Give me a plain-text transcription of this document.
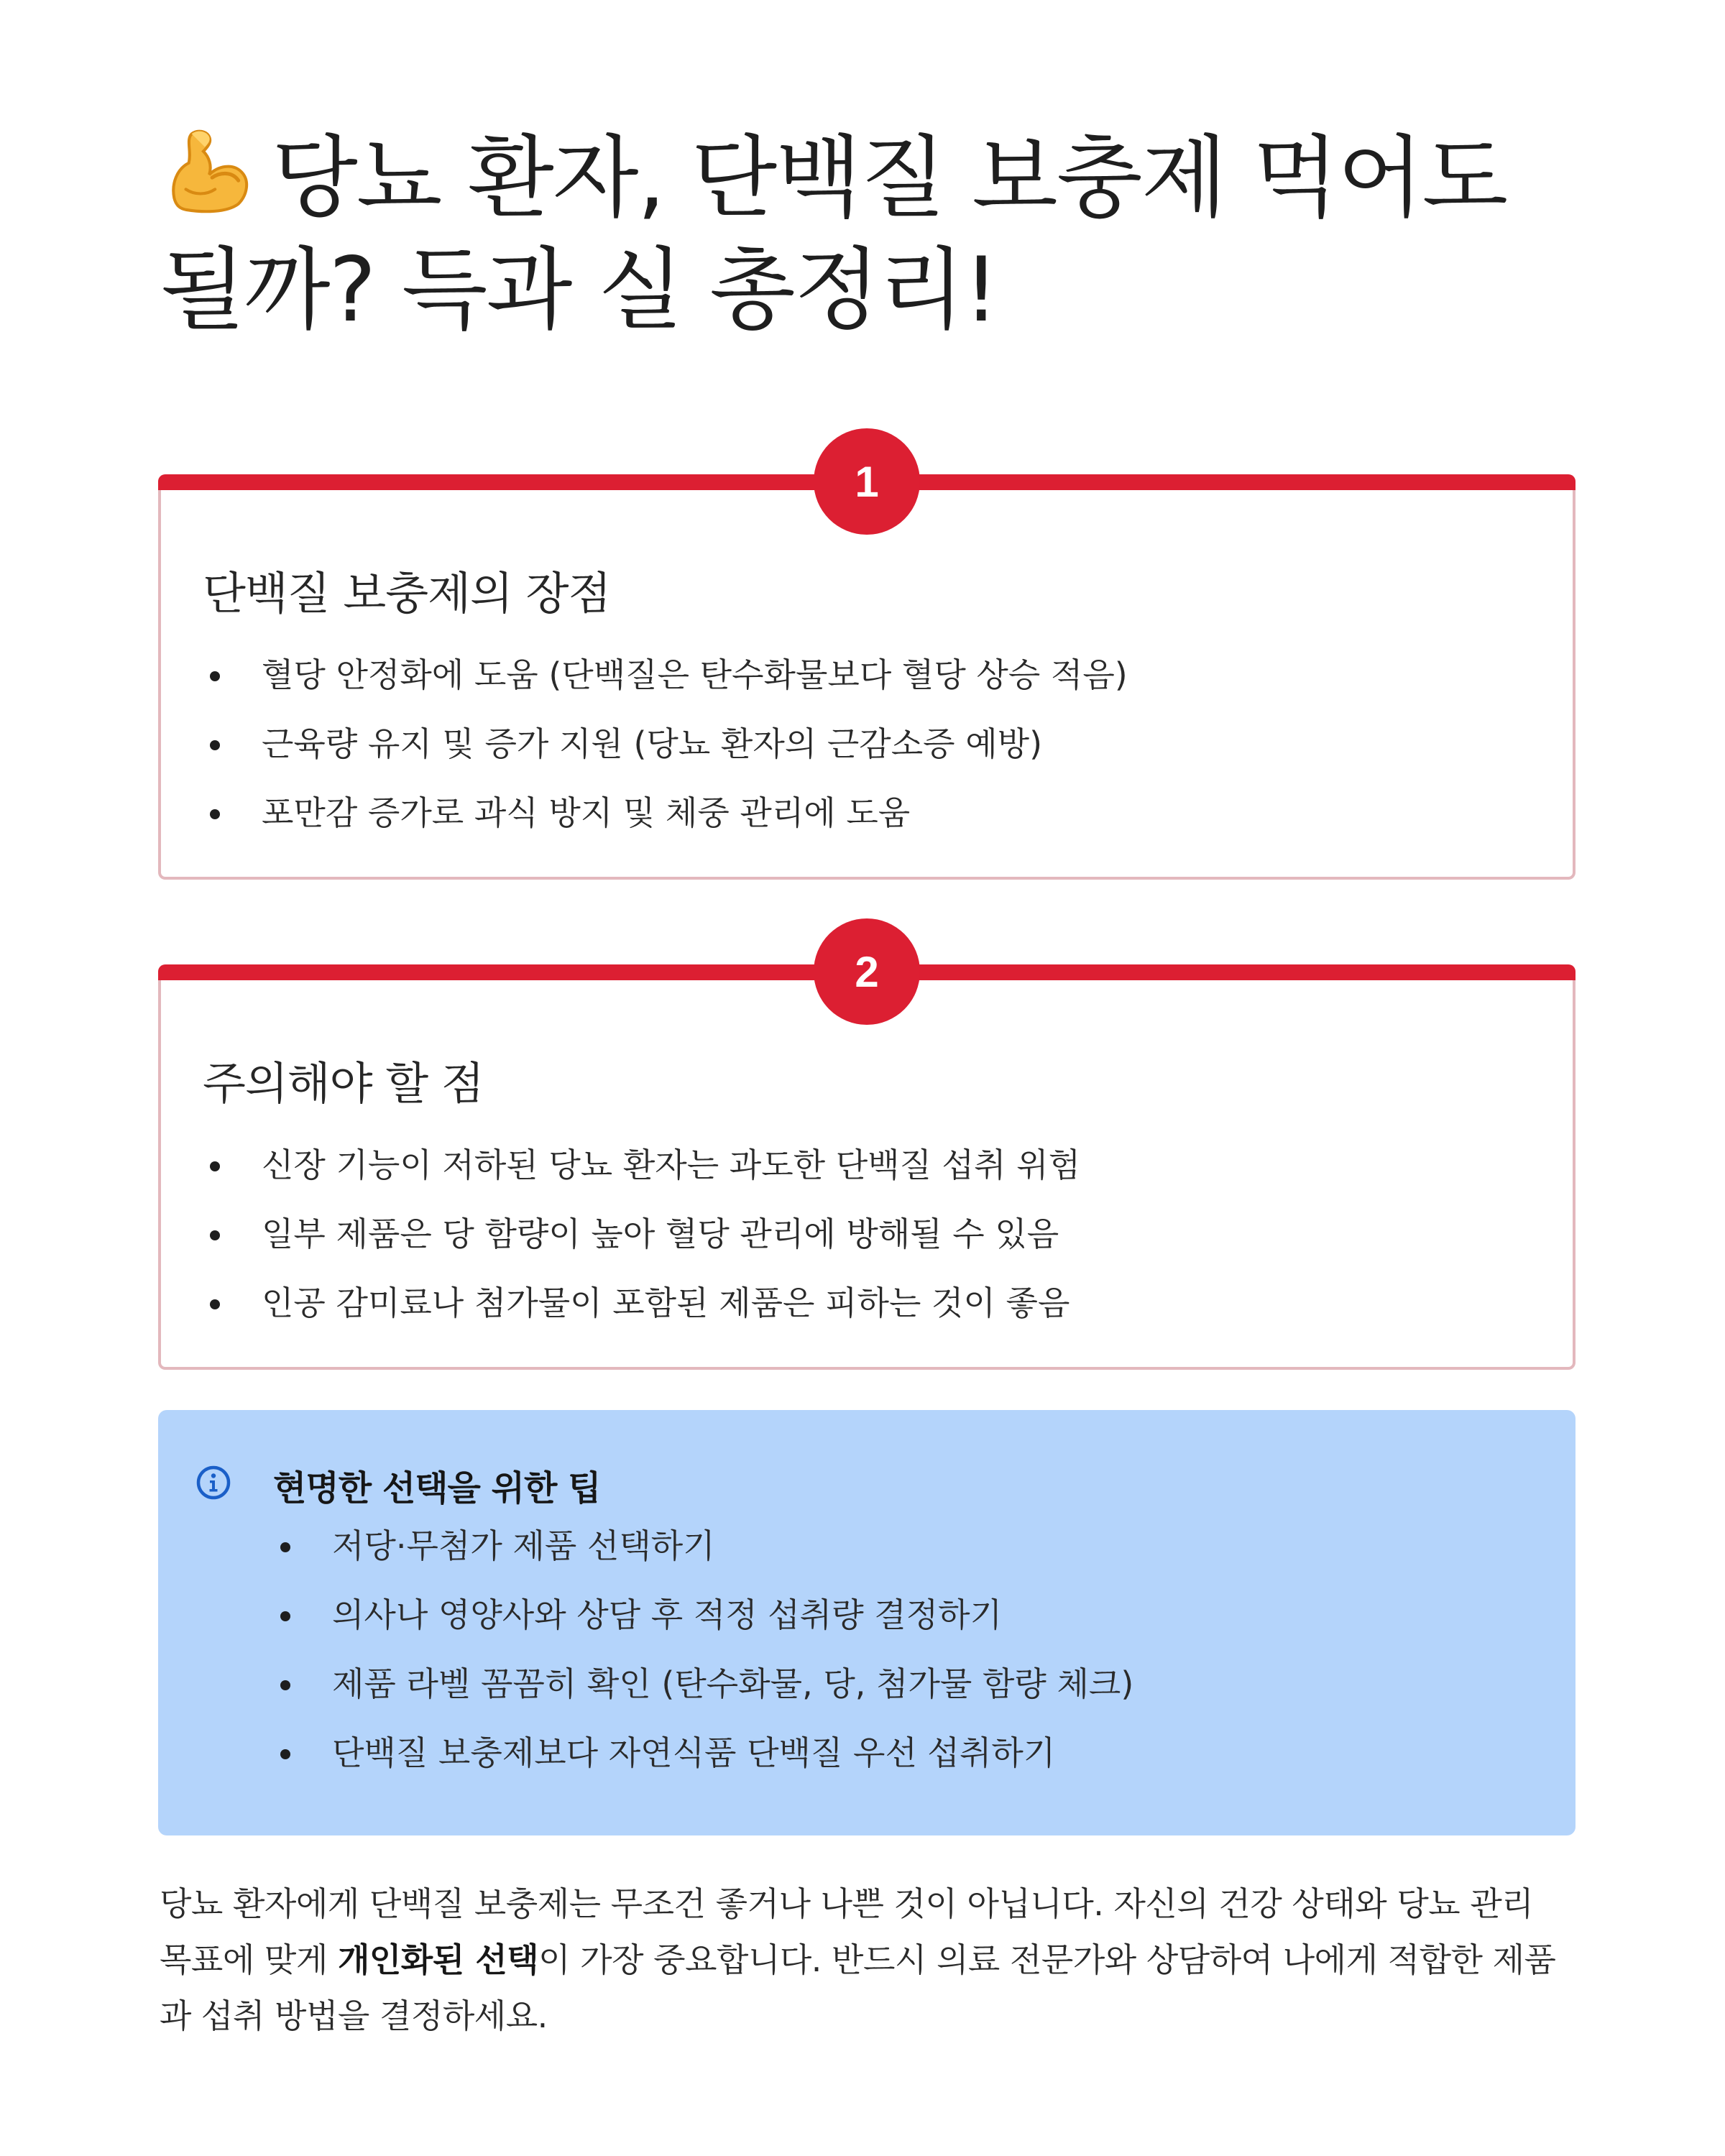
당뇨 환자, 단백질 보충제 먹어도 될까? 득과 실 총정리!
1
단백질 보충제의 장점
혈당 안정화에 도움 (단백질은 탄수화물보다 혈당 상승 적음)
근육량 유지 및 증가 지원 (당뇨 환자의 근감소증 예방)
포만감 증가로 과식 방지 및 체중 관리에 도움
2
주의해야 할 점
신장 기능이 저하된 당뇨 환자는 과도한 단백질 섭취 위험
일부 제품은 당 함량이 높아 혈당 관리에 방해될 수 있음
인공 감미료나 첨가물이 포함된 제품은 피하는 것이 좋음
현명한 선택을 위한 팁
저당·무첨가 제품 선택하기
의사나 영양사와 상담 후 적정 섭취량 결정하기
제품 라벨 꼼꼼히 확인 (탄수화물, 당, 첨가물 함량 체크)
단백질 보충제보다 자연식품 단백질 우선 섭취하기

당뇨 환자에게 단백질 보충제는 무조건 좋거나 나쁜 것이 아닙니다. 자신의 건강 상태와 당뇨 관리 목표에 맞게 개인화된 선택이 가장 중요합니다. 반드시 의료 전문가와 상담하여 나에게 적합한 제품과 섭취 방법을 결정하세요.
